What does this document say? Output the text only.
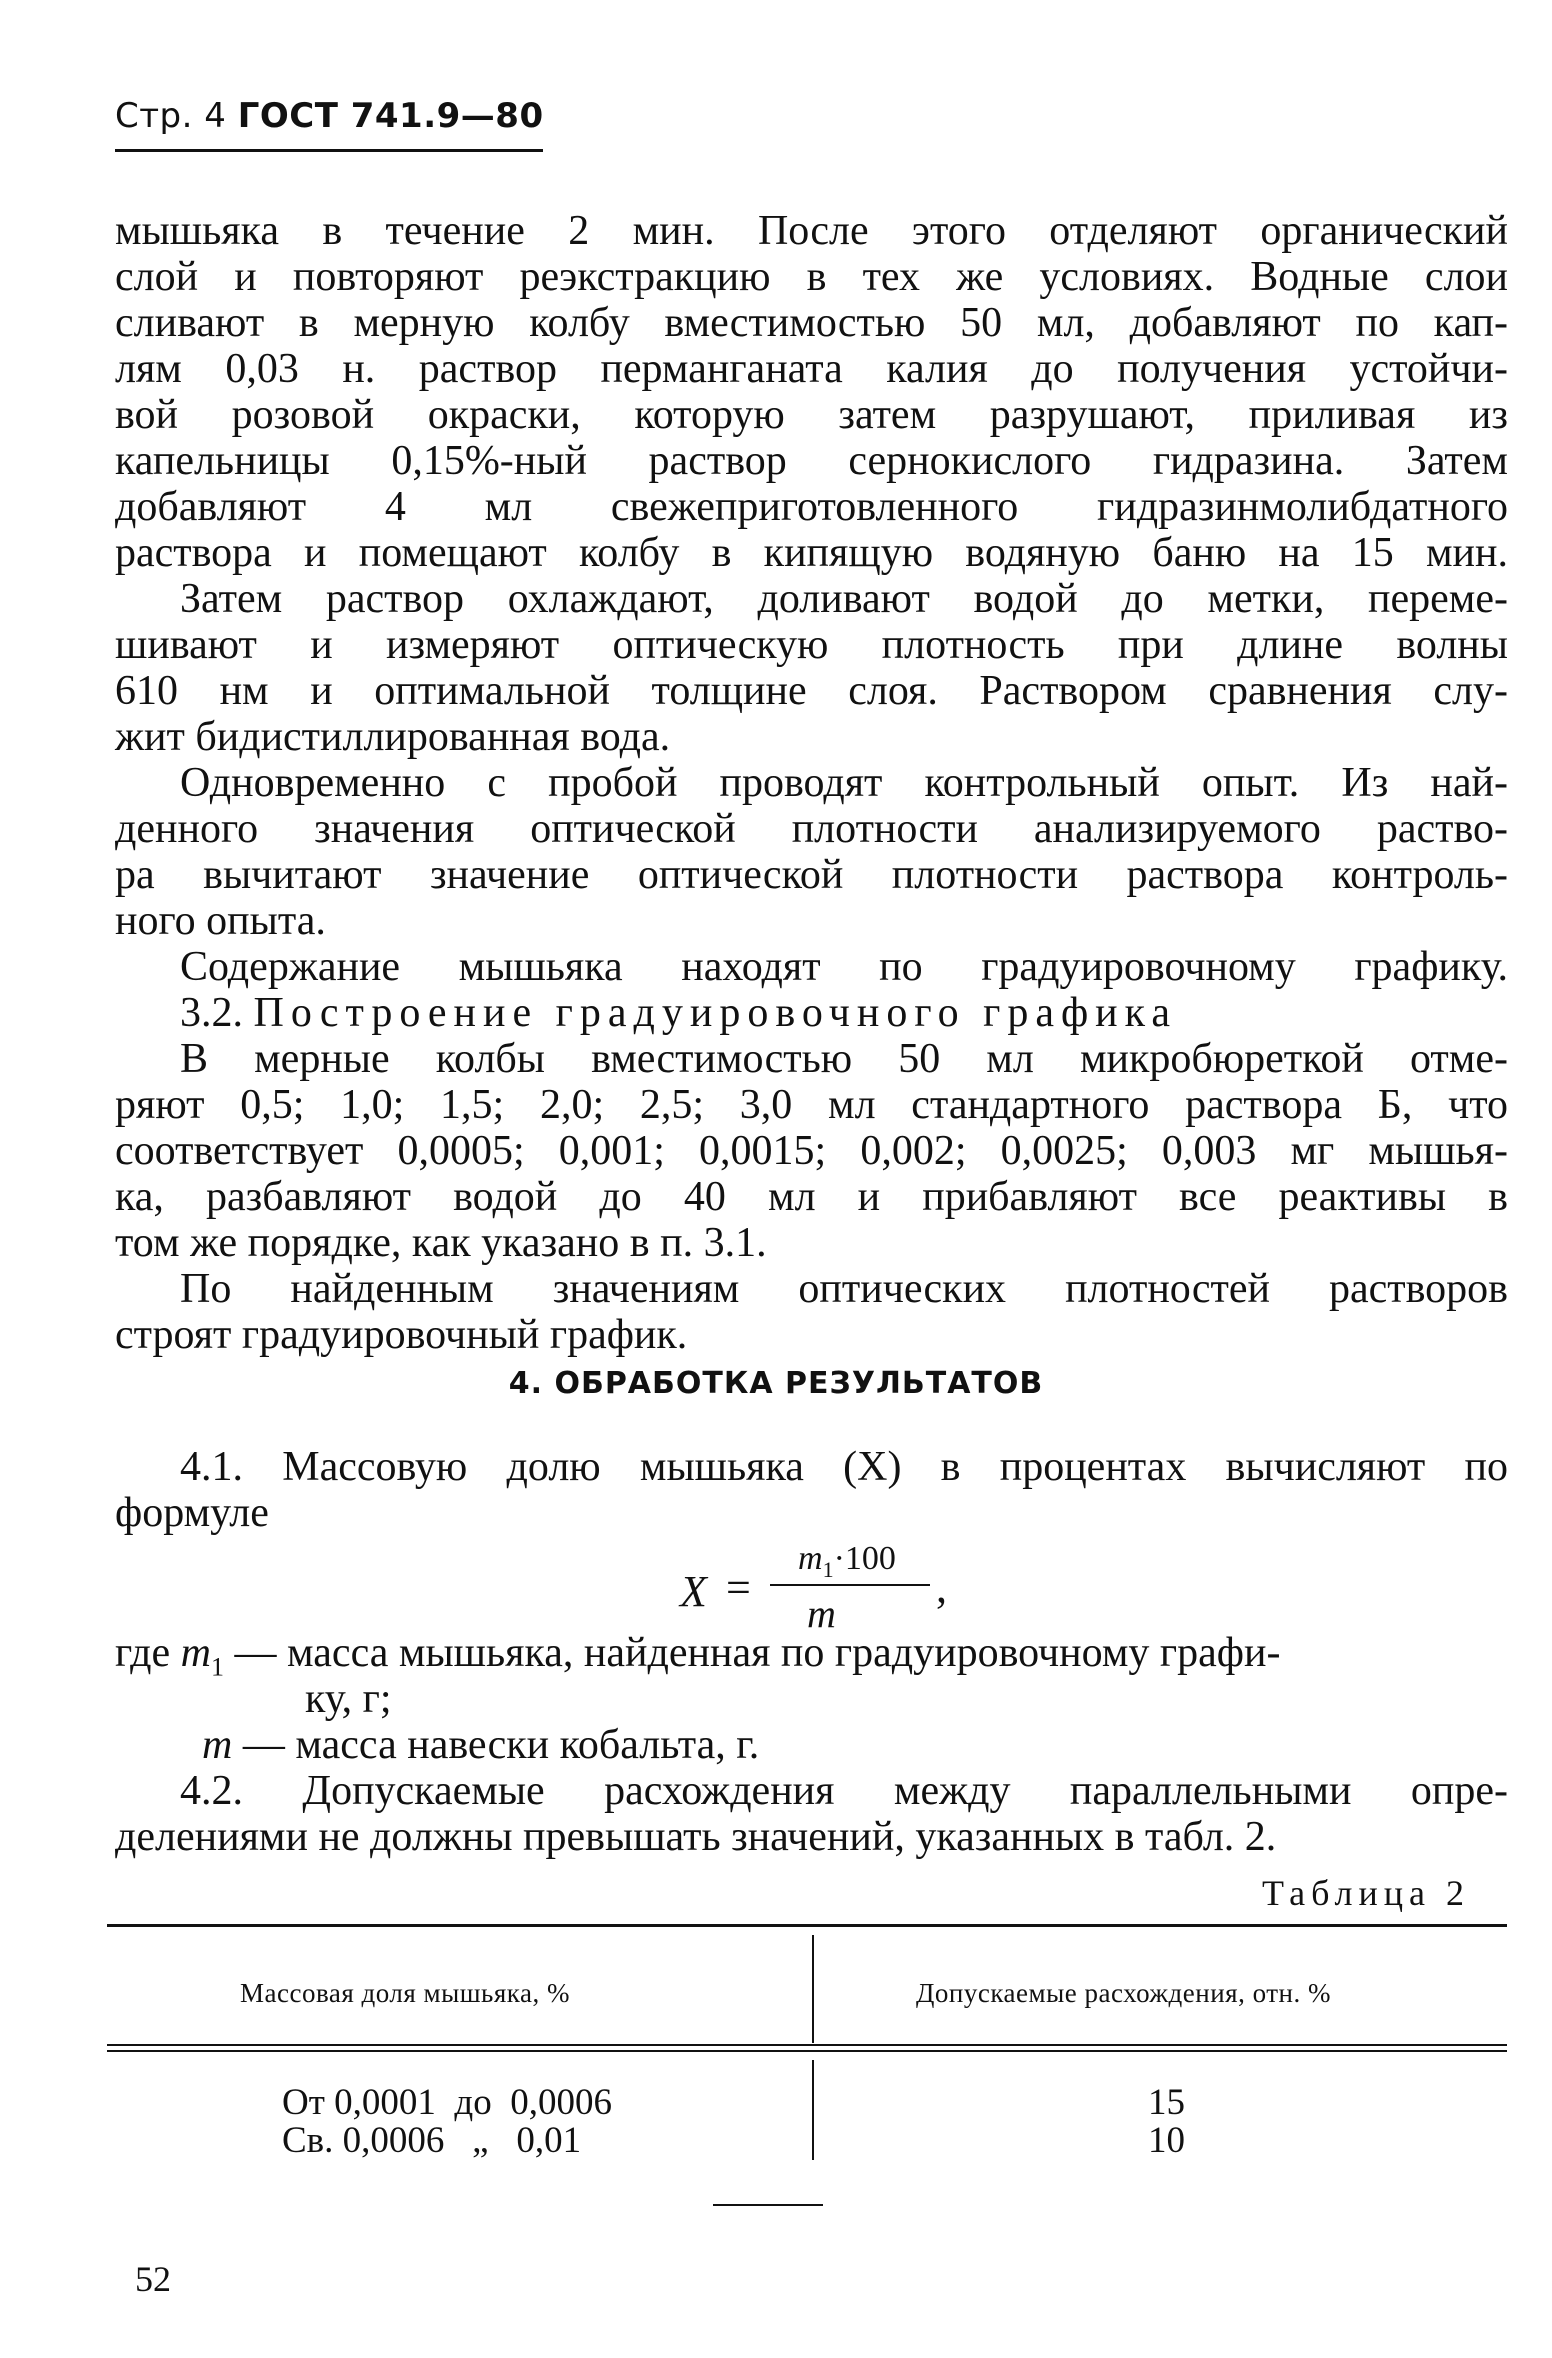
Стр. 4 ГОСТ 741.9—80
мышьяка в течение 2 мин. После этого отделяют органический
слой и повторяют реэкстракцию в тех же условиях. Водные слои
сливают в мерную колбу вместимостью 50 мл, добавляют по кап-
лям 0,03 н. раствор перманганата калия до получения устойчи-
вой розовой окраски, которую затем разрушают, приливая из
капельницы 0,15%-ный раствор сернокислого гидразина. Затем
добавляют 4 мл свежеприготовленного гидразинмолибдатного
раствора и помещают колбу в кипящую водяную баню на 15 мин.
Затем раствор охлаждают, доливают водой до метки, переме-
шивают и измеряют оптическую плотность при длине волны
610 нм и оптимальной толщине слоя. Раствором сравнения слу-
жит бидистиллированная вода.
Одновременно с пробой проводят контрольный опыт. Из най-
денного значения оптической плотности анализируемого раство-
ра вычитают значение оптической плотности раствора контроль-
ного опыта.
Содержание мышьяка находят по градуировочному графику.
3.2. Построение градуировочного графика
В мерные колбы вместимостью 50 мл микробюреткой отме-
ряют 0,5; 1,0; 1,5; 2,0; 2,5; 3,0 мл стандартного раствора Б, что
соответствует 0,0005; 0,001; 0,0015; 0,002; 0,0025; 0,003 мг мышья-
ка, разбавляют водой до 40 мл и прибавляют все реактивы в
том же порядке, как указано в п. 3.1.
По найденным значениям оптических плотностей растворов
строят градуировочный график.
4. ОБРАБОТКА РЕЗУЛЬТАТОВ
4.1. Массовую долю мышьяка (X) в процентах вычисляют по
формуле
X =
$m_1\cdot 100$
m
,
где $m_1$ — масса мышьяка, найденная по градуировочному графи-
ку, г;
m — масса навески кобальта, г.
4.2. Допускаемые расхождения между параллельными опре-
делениями не должны превышать значений, указанных в табл. 2.
Таблица 2
Массовая доля мышьяка, %	Допускаемые расхождения, отн. %
От 0,0001  до  0,0006	15
Св. 0,0006   „   0,01	10
52
